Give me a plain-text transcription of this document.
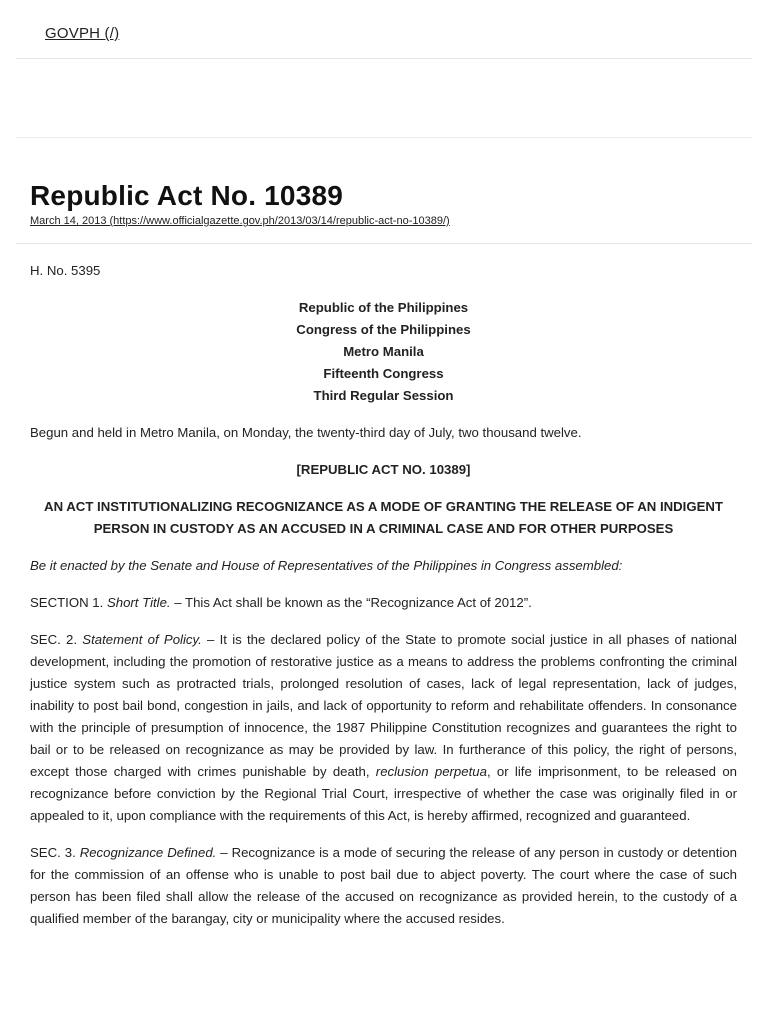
GOVPH (/)
Republic Act No. 10389
March 14, 2013 (https://www.officialgazette.gov.ph/2013/03/14/republic-act-no-10389/)

H. No. 5395

Republic of the Philippines
Congress of the Philippines
Metro Manila
Fifteenth Congress
Third Regular Session

Begun and held in Metro Manila, on Monday, the twenty-third day of July, two thousand twelve.

[REPUBLIC ACT NO. 10389]

AN ACT INSTITUTIONALIZING RECOGNIZANCE AS A MODE OF GRANTING THE RELEASE OF AN INDIGENT PERSON IN CUSTODY AS AN ACCUSED IN A CRIMINAL CASE AND FOR OTHER PURPOSES

Be it enacted by the Senate and House of Representatives of the Philippines in Congress assembled:

SECTION 1. Short Title. – This Act shall be known as the “Recognizance Act of 2012”.

SEC. 2. Statement of Policy. – It is the declared policy of the State to promote social justice in all phases of national development, including the promotion of restorative justice as a means to address the problems confronting the criminal justice system such as protracted trials, prolonged resolution of cases, lack of legal representation, lack of judges, inability to post bail bond, congestion in jails, and lack of opportunity to reform and rehabilitate offenders. In consonance with the principle of presumption of innocence, the 1987 Philippine Constitution recognizes and guarantees the right to bail or to be released on recognizance as may be provided by law. In furtherance of this policy, the right of persons, except those charged with crimes punishable by death, reclusion perpetua, or life imprisonment, to be released on recognizance before conviction by the Regional Trial Court, irrespective of whether the case was originally filed in or appealed to it, upon compliance with the requirements of this Act, is hereby affirmed, recognized and guaranteed.

SEC. 3. Recognizance Defined. – Recognizance is a mode of securing the release of any person in custody or detention for the commission of an offense who is unable to post bail due to abject poverty. The court where the case of such person has been filed shall allow the release of the accused on recognizance as provided herein, to the custody of a qualified member of the barangay, city or municipality where the accused resides.
